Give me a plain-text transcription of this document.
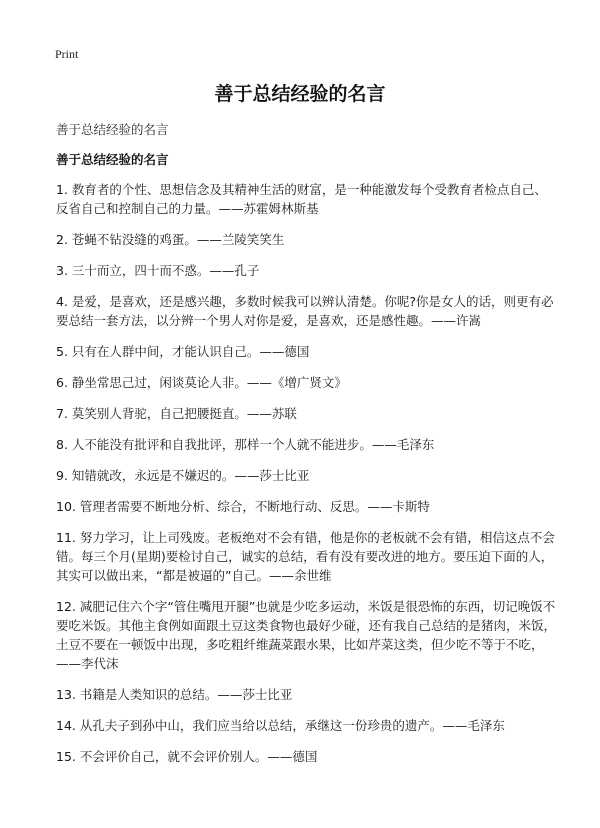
Print
善于总结经验的名言
善于总结经验的名言
善于总结经验的名言
1. 教育者的个性、思想信念及其精神生活的财富，是一种能激发每个受教育者检点自己、反省自己和控制自己的力量。——苏霍姆林斯基
2. 苍蝇不钻没缝的鸡蛋。——兰陵笑笑生
3. 三十而立，四十而不惑。——孔子
4. 是爱，是喜欢，还是感兴趣，多数时候我可以辨认清楚。你呢?你是女人的话，则更有必要总结一套方法，以分辨一个男人对你是爱，是喜欢，还是感性趣。——许嵩
5. 只有在人群中间，才能认识自己。——德国
6. 静坐常思己过，闲谈莫论人非。——《增广贤文》
7. 莫笑别人背驼，自己把腰挺直。——苏联
8. 人不能没有批评和自我批评，那样一个人就不能进步。——毛泽东
9. 知错就改，永远是不嫌迟的。——莎士比亚
10. 管理者需要不断地分析、综合，不断地行动、反思。——卡斯特
11. 努力学习，让上司残废。老板绝对不会有错，他是你的老板就不会有错，相信这点不会错。每三个月(星期)要检讨自己，诚实的总结，看有没有要改进的地方。要压迫下面的人，其实可以做出来，“都是被逼的”自己。——余世维
12. 减肥记住六个字“管住嘴甩开腿”也就是少吃多运动，米饭是很恐怖的东西，切记晚饭不要吃米饭。其他主食例如面跟土豆这类食物也最好少碰，还有我自己总结的是猪肉，米饭，土豆不要在一顿饭中出现，多吃粗纤维蔬菜跟水果，比如芹菜这类，但少吃不等于不吃，——李代沫
13. 书籍是人类知识的总结。——莎士比亚
14. 从孔夫子到孙中山，我们应当给以总结，承继这一份珍贵的遗产。——毛泽东
15. 不会评价自己，就不会评价别人。——德国
